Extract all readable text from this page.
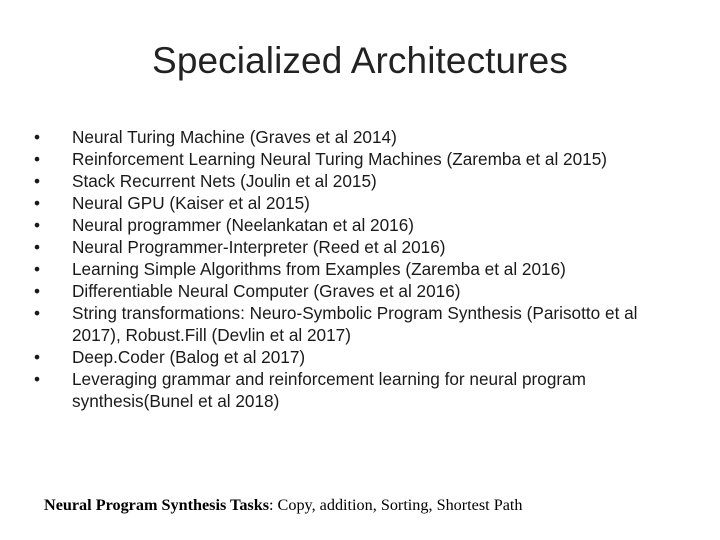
Specialized Architectures
• Neural Turing Machine (Graves et al 2014)
• Reinforcement Learning Neural Turing Machines (Zaremba et al 2015)
• Stack Recurrent Nets (Joulin et al 2015)
• Neural GPU (Kaiser et al 2015)
• Neural programmer (Neelankatan et al 2016)
• Neural Programmer-Interpreter (Reed et al 2016)
• Learning Simple Algorithms from Examples (Zaremba et al 2016)
• Differentiable Neural Computer (Graves et al 2016)
• String transformations: Neuro-Symbolic Program Synthesis (Parisotto et al 2017), Robust.Fill (Devlin et al 2017)
• Deep.Coder (Balog et al 2017)
• Leveraging grammar and reinforcement learning for neural program synthesis(Bunel et al 2018)
Neural Program Synthesis Tasks: Copy, addition, Sorting, Shortest Path
